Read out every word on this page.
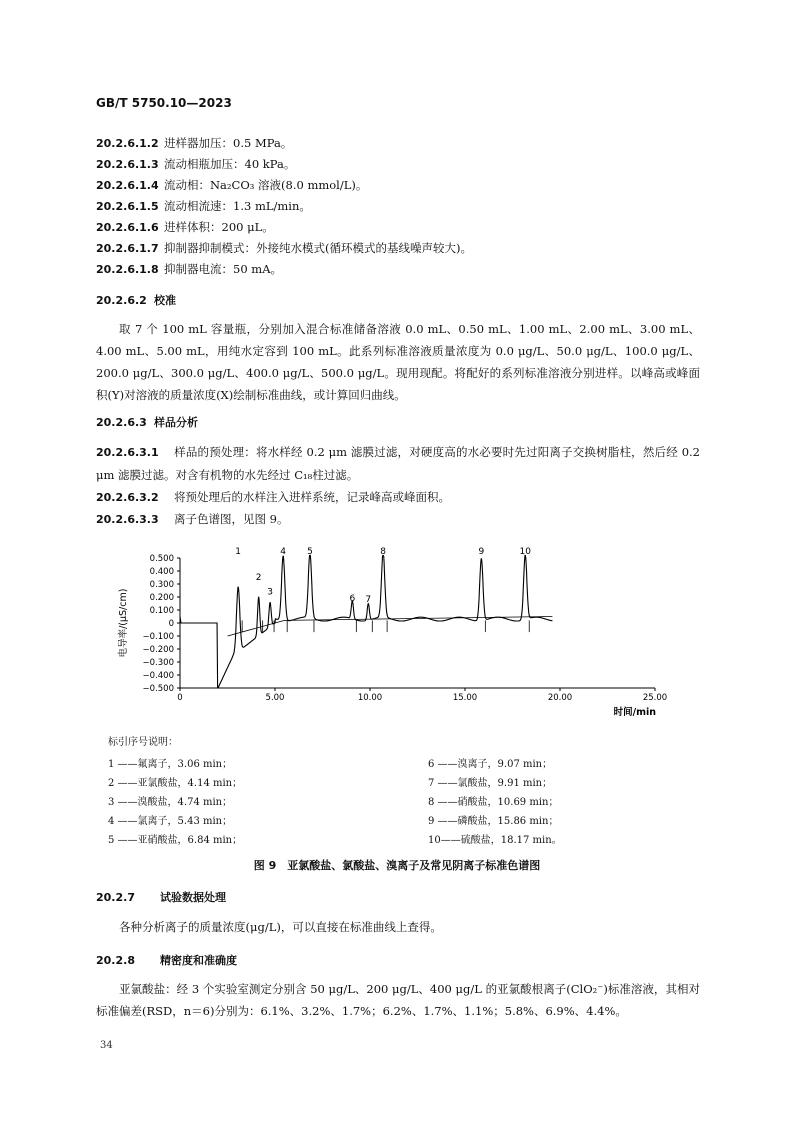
GB/T 5750.10—2023
20.2.6.1.2 进样器加压：0.5 MPa。
20.2.6.1.3 流动相瓶加压：40 kPa。
20.2.6.1.4 流动相：Na₂CO₃ 溶液(8.0 mmol/L)。
20.2.6.1.5 流动相流速：1.3 mL/min。
20.2.6.1.6 进样体积：200 μL。
20.2.6.1.7 抑制器抑制模式：外接纯水模式(循环模式的基线噪声较大)。
20.2.6.1.8 抑制器电流：50 mA。
20.2.6.2 校准
取 7 个 100 mL 容量瓶，分别加入混合标准储备溶液 0.0 mL、0.50 mL、1.00 mL、2.00 mL、3.00 mL、4.00 mL、5.00 mL，用纯水定容到 100 mL。此系列标准溶液质量浓度为 0.0 μg/L、50.0 μg/L、100.0 μg/L、200.0 μg/L、300.0 μg/L、400.0 μg/L、500.0 μg/L。现用现配。将配好的系列标准溶液分别进样。以峰高或峰面积(Y)对溶液的质量浓度(X)绘制标准曲线，或计算回归曲线。
20.2.6.3 样品分析
20.2.6.3.1 样品的预处理：将水样经 0.2 μm 滤膜过滤，对硬度高的水必要时先过阳离子交换树脂柱，然后经 0.2 μm 滤膜过滤。对含有机物的水先经过 C₁₈柱过滤。
20.2.6.3.2 将预处理后的水样注入进样系统，记录峰高或峰面积。
20.2.6.3.3 离子色谱图，见图 9。
0.500
0.400
0.300
0.200
0.100
0
−0.100
−0.200
−0.300
−0.400
−0.500
0	5.00	10.00	15.00	20.00	25.00
1
2
3
4 5
6 7
8	9	10
电导率/(μS/cm)
时间/min
标引序号说明：
1 ——氟离子，3.06 min；
2 ——亚氯酸盐，4.14 min；
3 ——溴酸盐，4.74 min；
4 ——氯离子，5.43 min；
5 ——亚硝酸盐，6.84 min；
6 ——溴离子，9.07 min；
7 ——氯酸盐，9.91 min；
8 ——硝酸盐，10.69 min；
9 ——磷酸盐，15.86 min；
10——硫酸盐，18.17 min。
图 9　亚氯酸盐、氯酸盐、溴离子及常见阴离子标准色谱图
20.2.7 试验数据处理
各种分析离子的质量浓度(μg/L)，可以直接在标准曲线上查得。
20.2.8 精密度和准确度
亚氯酸盐：经 3 个实验室测定分别含 50 μg/L、200 μg/L、400 μg/L 的亚氯酸根离子(ClO₂⁻)标准溶液，其相对标准偏差(RSD，n＝6)分别为：6.1%、3.2%、1.7%；6.2%、1.7%、1.1%；5.8%、6.9%、4.4%。
34
